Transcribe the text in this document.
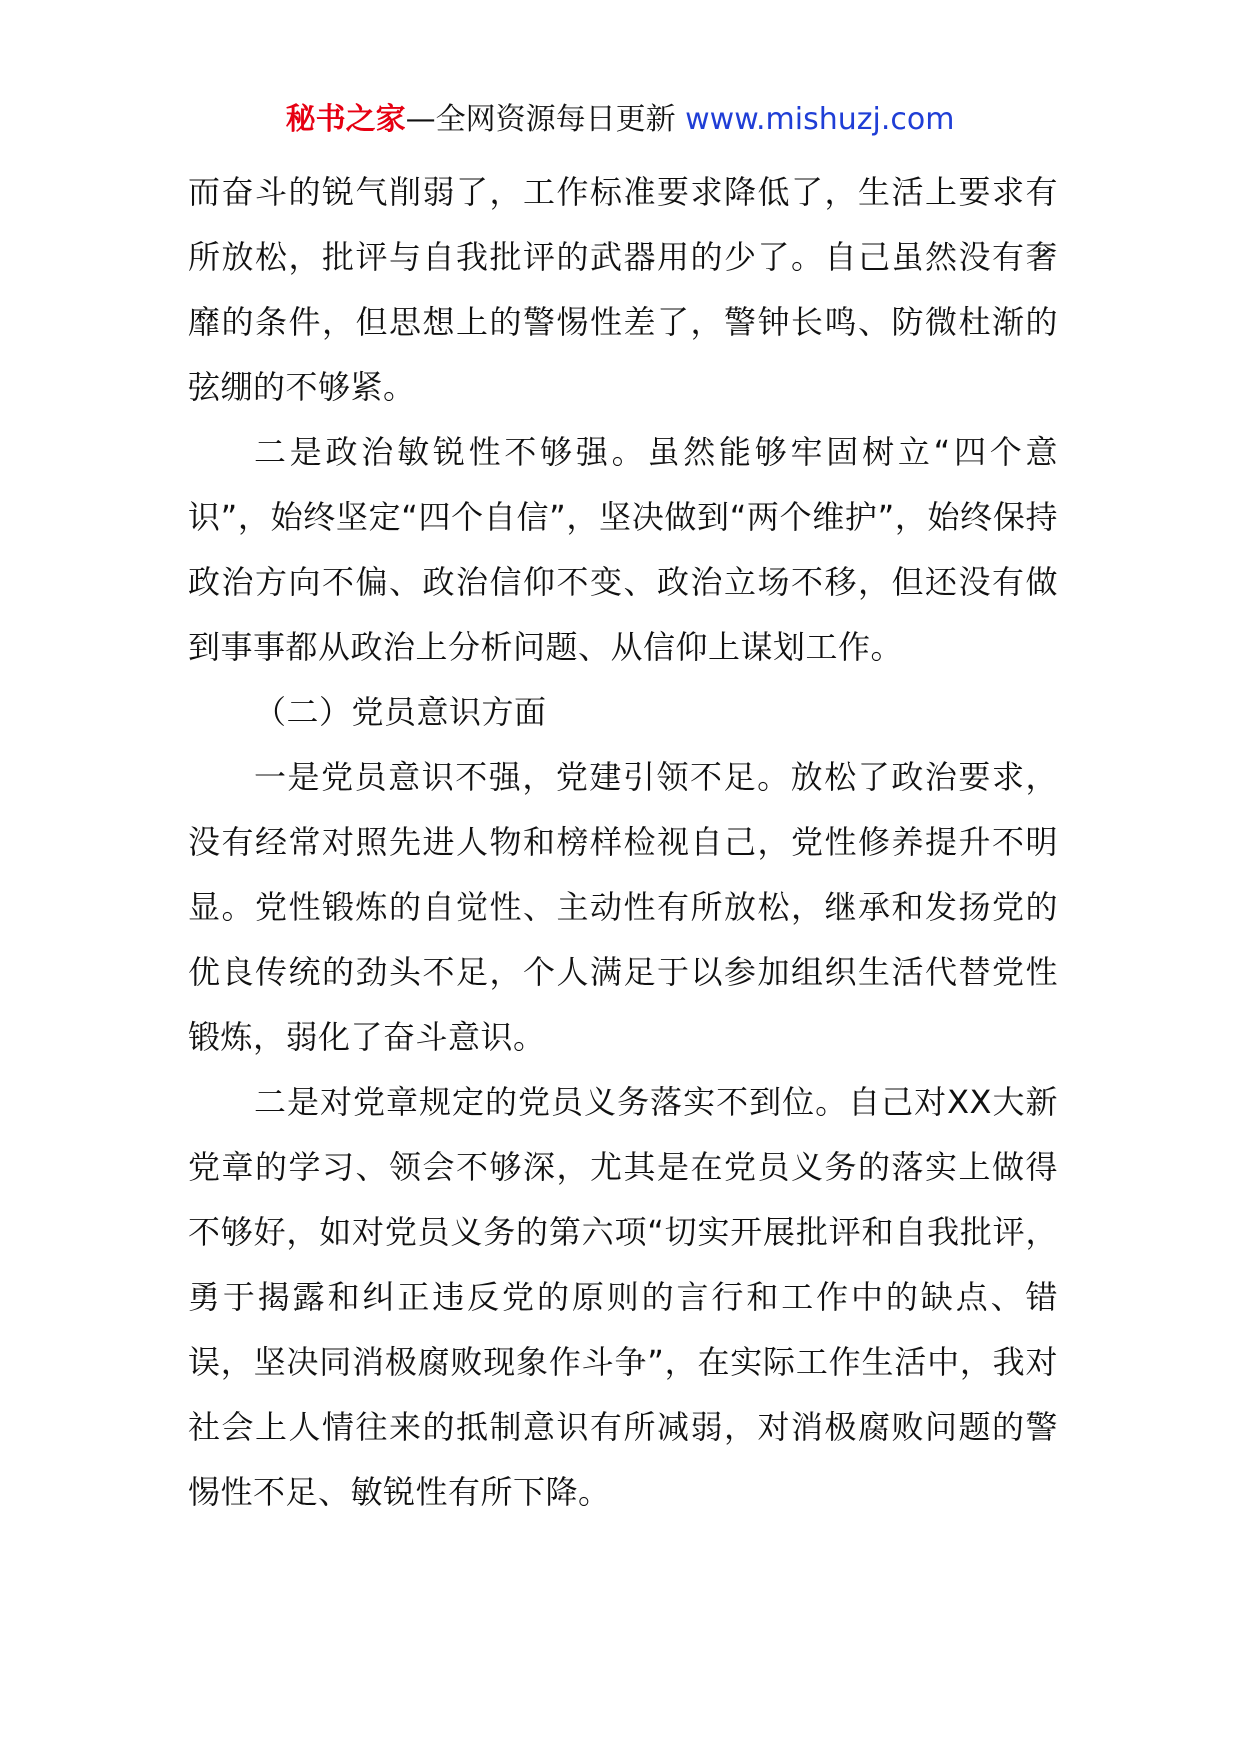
秘书之家—全网资源每日更新 www.mishuzj.com

而奋斗的锐气削弱了，工作标准要求降低了，生活上要求有所放松，批评与自我批评的武器用的少了。自己虽然没有奢靡的条件，但思想上的警惕性差了，警钟长鸣、防微杜渐的弦绷的不够紧。

二是政治敏锐性不够强。虽然能够牢固树立“四个意识”，始终坚定“四个自信”，坚决做到“两个维护”，始终保持政治方向不偏、政治信仰不变、政治立场不移，但还没有做到事事都从政治上分析问题、从信仰上谋划工作。

（二）党员意识方面

一是党员意识不强，党建引领不足。放松了政治要求，没有经常对照先进人物和榜样检视自己，党性修养提升不明显。党性锻炼的自觉性、主动性有所放松，继承和发扬党的优良传统的劲头不足，个人满足于以参加组织生活代替党性锻炼，弱化了奋斗意识。

二是对党章规定的党员义务落实不到位。自己对XX大新党章的学习、领会不够深，尤其是在党员义务的落实上做得不够好，如对党员义务的第六项“切实开展批评和自我批评，勇于揭露和纠正违反党的原则的言行和工作中的缺点、错误，坚决同消极腐败现象作斗争”，在实际工作生活中，我对社会上人情往来的抵制意识有所减弱，对消极腐败问题的警惕性不足、敏锐性有所下降。
